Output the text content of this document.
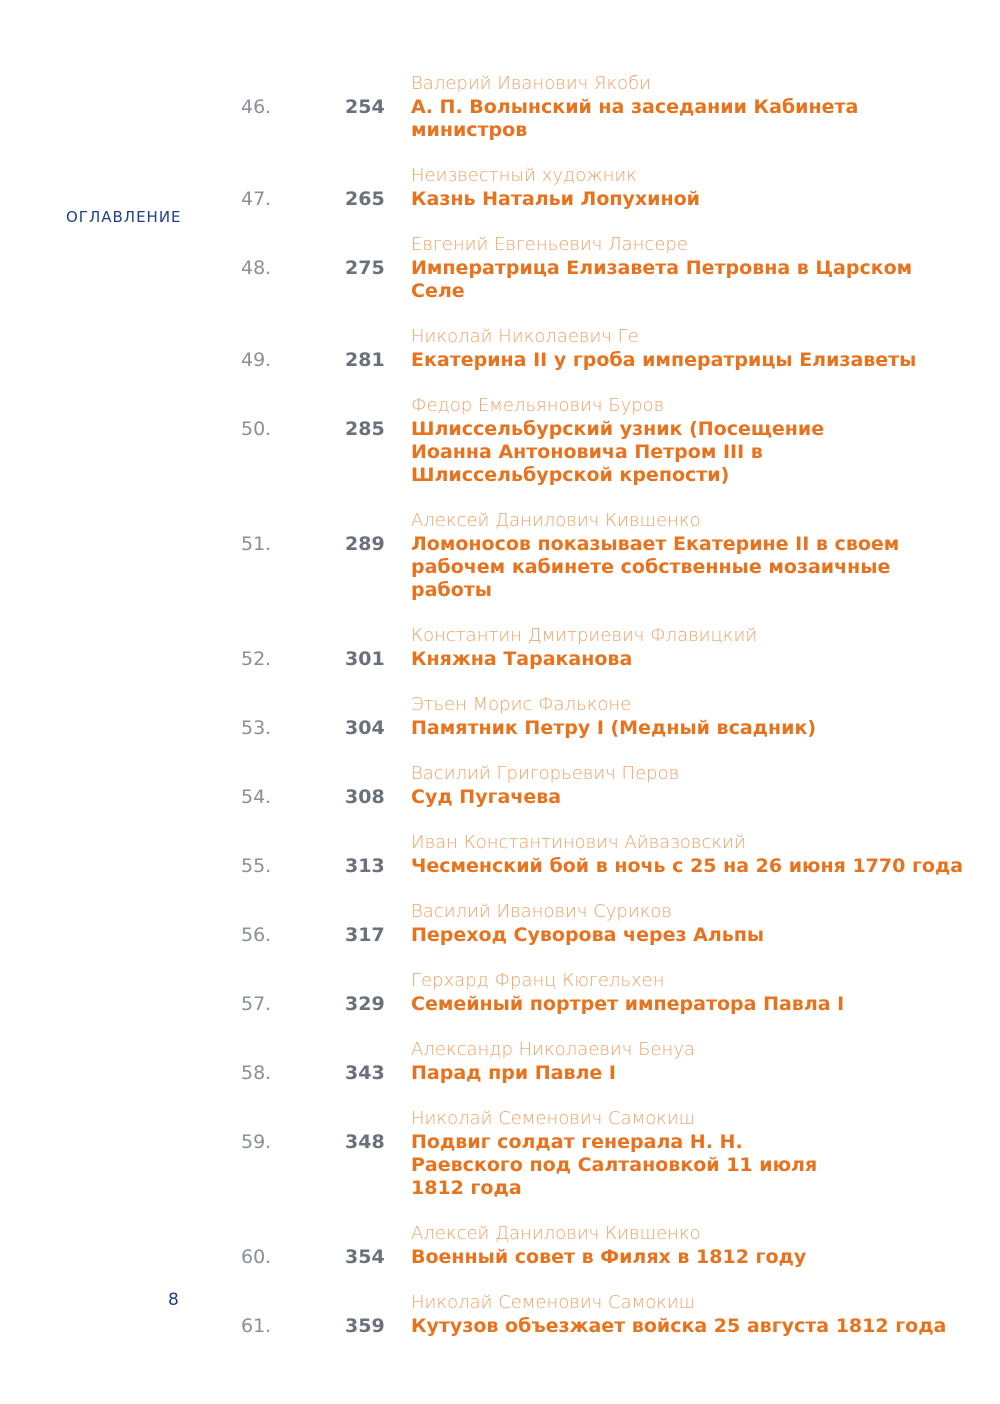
ОГЛАВЛЕНИЕ
46.	254
Валерий Иванович Якоби
А. П. Волынский на заседании Кабинета министров
47.	265
Неизвестный художник
Казнь Натальи Лопухиной
48.	275
Евгений Евгеньевич Лансере
Императрица Елизавета Петровна в Царском Селе
49.	281
Николай Николаевич Ге
Екатерина II у гроба императрицы Елизаветы
50.	285
Федор Емельянович Буров
Шлиссельбурский узник (Посещение Иоанна Антоновича Петром III в Шлиссельбурской крепости)
51.	289
Алексей Данилович Кившенко
Ломоносов показывает Екатерине II в своем рабочем кабинете собственные мозаичные работы
52.	301
Константин Дмитриевич Флавицкий
Княжна Тараканова
53.	304
Этьен Морис Фальконе
Памятник Петру I (Медный всадник)
54.	308
Василий Григорьевич Перов
Суд Пугачева
55.	313
Иван Константинович Айвазовский
Чесменский бой в ночь с 25 на 26 июня 1770 года
56.	317
Василий Иванович Суриков
Переход Суворова через Альпы
57.	329
Герхард Франц Кюгельхен
Семейный портрет императора Павла I
58.	343
Александр Николаевич Бенуа
Парад при Павле I
59.	348
Николай Семенович Самокиш
Подвиг солдат генерала Н. Н. Раевского под Салтановкой 11 июля 1812 года
60.	354
Алексей Данилович Кившенко
Военный совет в Филях в 1812 году
61.	359
Николай Семенович Самокиш
Кутузов объезжает войска 25 августа 1812 года
8
